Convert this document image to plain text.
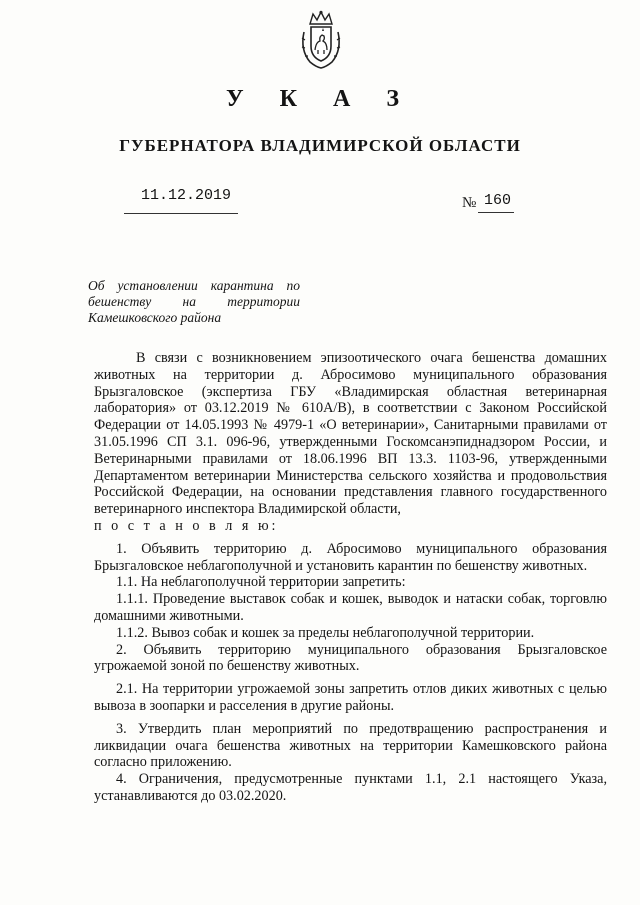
У К А З
ГУБЕРНАТОРА ВЛАДИМИРСКОЙ ОБЛАСТИ
11.12.2019	№ 160
Об установлении карантина по
бешенству на территории
Камешковского района

В связи с возникновением эпизоотического очага бешенства домашних животных на территории д. Абросимово муниципального образования Брызгаловское (экспертиза ГБУ «Владимирская областная ветеринарная лаборатория» от 03.12.2019 № 610А/В), в соответствии с Законом Российской Федерации от 14.05.1993 № 4979-1 «О ветеринарии», Санитарными правилами от 31.05.1996 СП 3.1. 096-96, утвержденными Госкомсанэпиднадзором России, и Ветеринарными правилами от 18.06.1996 ВП 13.3. 1103-96, утвержденными Департаментом ветеринарии Министерства сельского хозяйства и продовольствия Российской Федерации, на основании представления главного государственного ветеринарного инспектора Владимирской области,

п о с т а н о в л я ю:

1. Объявить территорию д. Абросимово муниципального образования Брызгаловское неблагополучной и установить карантин по бешенству животных.

1.1. На неблагополучной территории запретить:

1.1.1. Проведение выставок собак и кошек, выводок и натаски собак, торговлю домашними животными.

1.1.2. Вывоз собак и кошек за пределы неблагополучной территории.

2. Объявить территорию муниципального образования Брызгаловское угрожаемой зоной по бешенству животных.

2.1. На территории угрожаемой зоны запретить отлов диких животных с целью вывоза в зоопарки и расселения в другие районы.

3. Утвердить план мероприятий по предотвращению распространения и ликвидации очага бешенства животных на территории Камешковского района согласно приложению.

4. Ограничения, предусмотренные пунктами 1.1, 2.1 настоящего Указа, устанавливаются до 03.02.2020.
